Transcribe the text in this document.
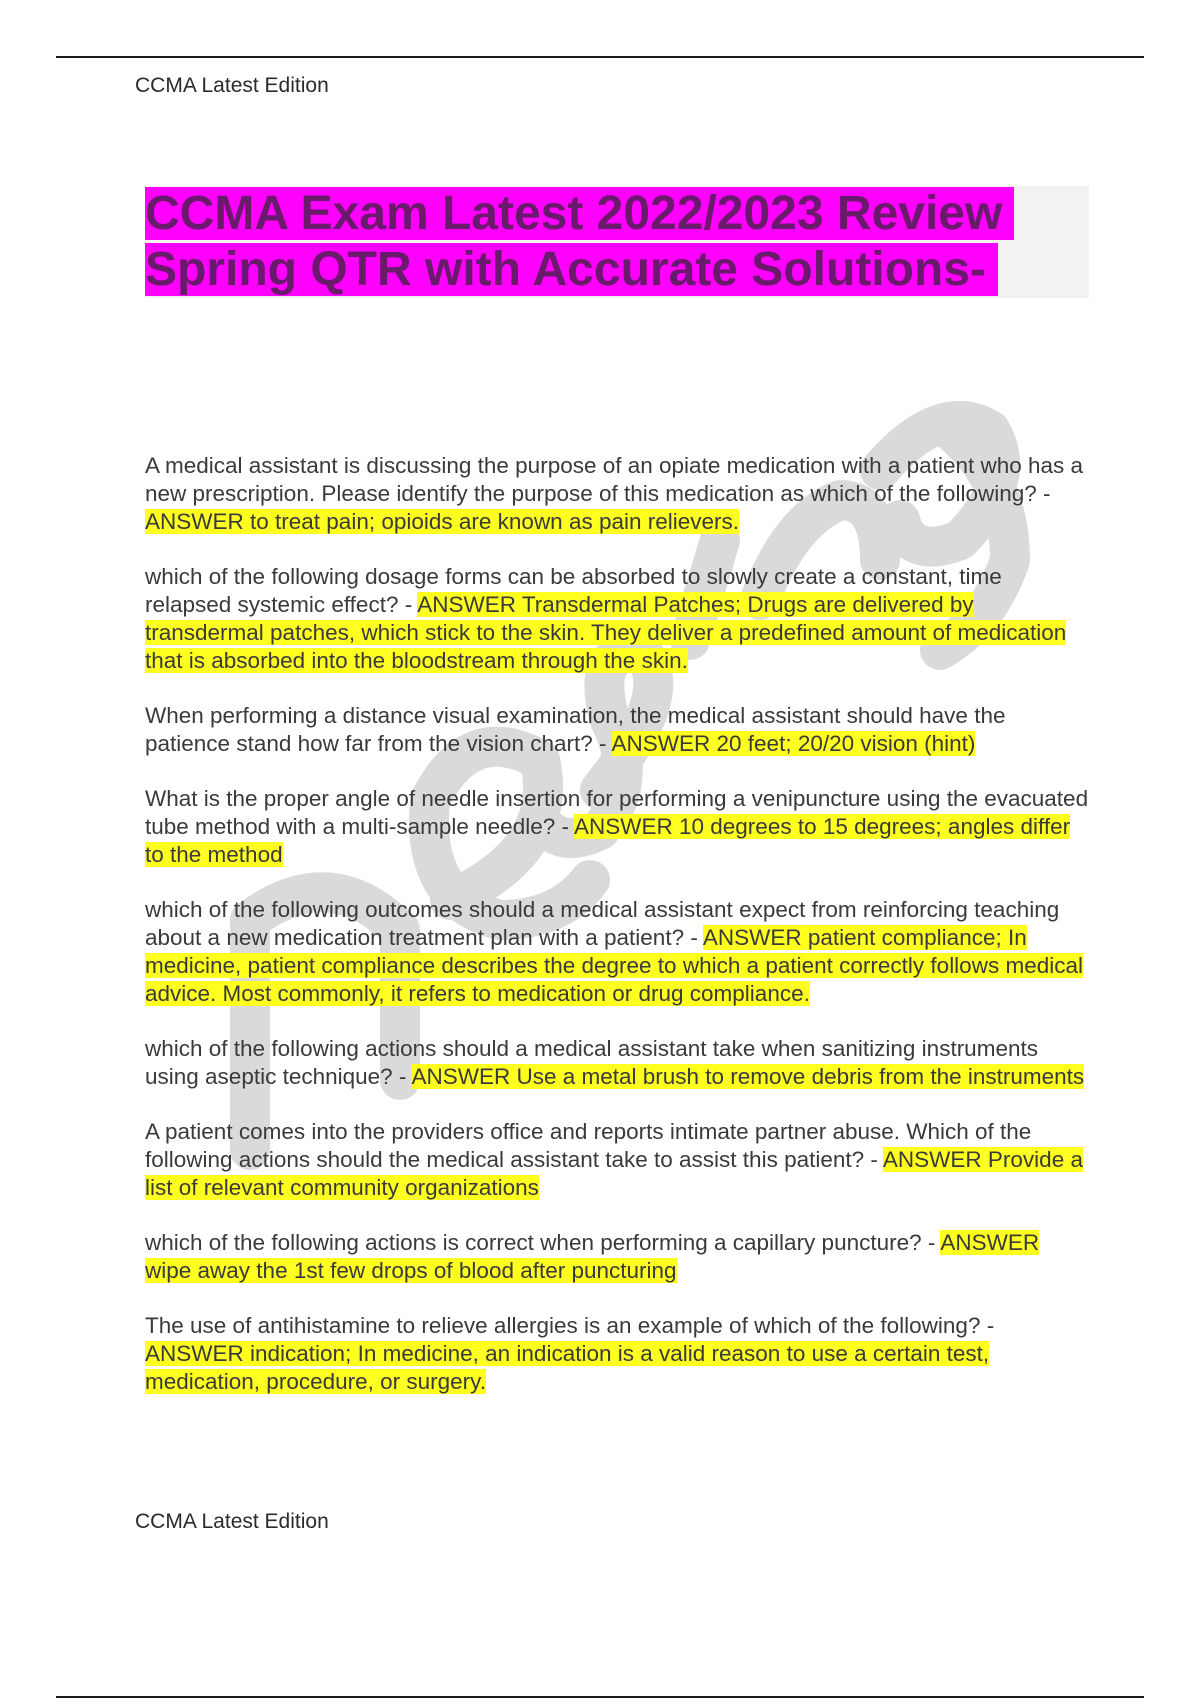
CCMA Latest Edition
CCMA Exam Latest 2022/2023 Review
Spring QTR with Accurate Solutions-

A medical assistant is discussing the purpose of an opiate medication with a patient who has a new prescription. Please identify the purpose of this medication as which of the following? - ANSWER to treat pain; opioids are known as pain relievers.

which of the following dosage forms can be absorbed to slowly create a constant, time relapsed systemic effect? - ANSWER Transdermal Patches; Drugs are delivered by transdermal patches, which stick to the skin. They deliver a predefined amount of medication that is absorbed into the bloodstream through the skin.

When performing a distance visual examination, the medical assistant should have the patience stand how far from the vision chart? - ANSWER 20 feet; 20/20 vision (hint)

What is the proper angle of needle insertion for performing a venipuncture using the evacuated tube method with a multi-sample needle? - ANSWER 10 degrees to 15 degrees; angles differ to the method

which of the following outcomes should a medical assistant expect from reinforcing teaching about a new medication treatment plan with a patient? - ANSWER patient compliance; In medicine, patient compliance describes the degree to which a patient correctly follows medical advice. Most commonly, it refers to medication or drug compliance.

which of the following actions should a medical assistant take when sanitizing instruments using aseptic technique? - ANSWER Use a metal brush to remove debris from the instruments

A patient comes into the providers office and reports intimate partner abuse. Which of the following actions should the medical assistant take to assist this patient? - ANSWER Provide a list of relevant community organizations

which of the following actions is correct when performing a capillary puncture? - ANSWER wipe away the 1st few drops of blood after puncturing

The use of antihistamine to relieve allergies is an example of which of the following? - ANSWER indication; In medicine, an indication is a valid reason to use a certain test, medication, procedure, or surgery.

CCMA Latest Edition
